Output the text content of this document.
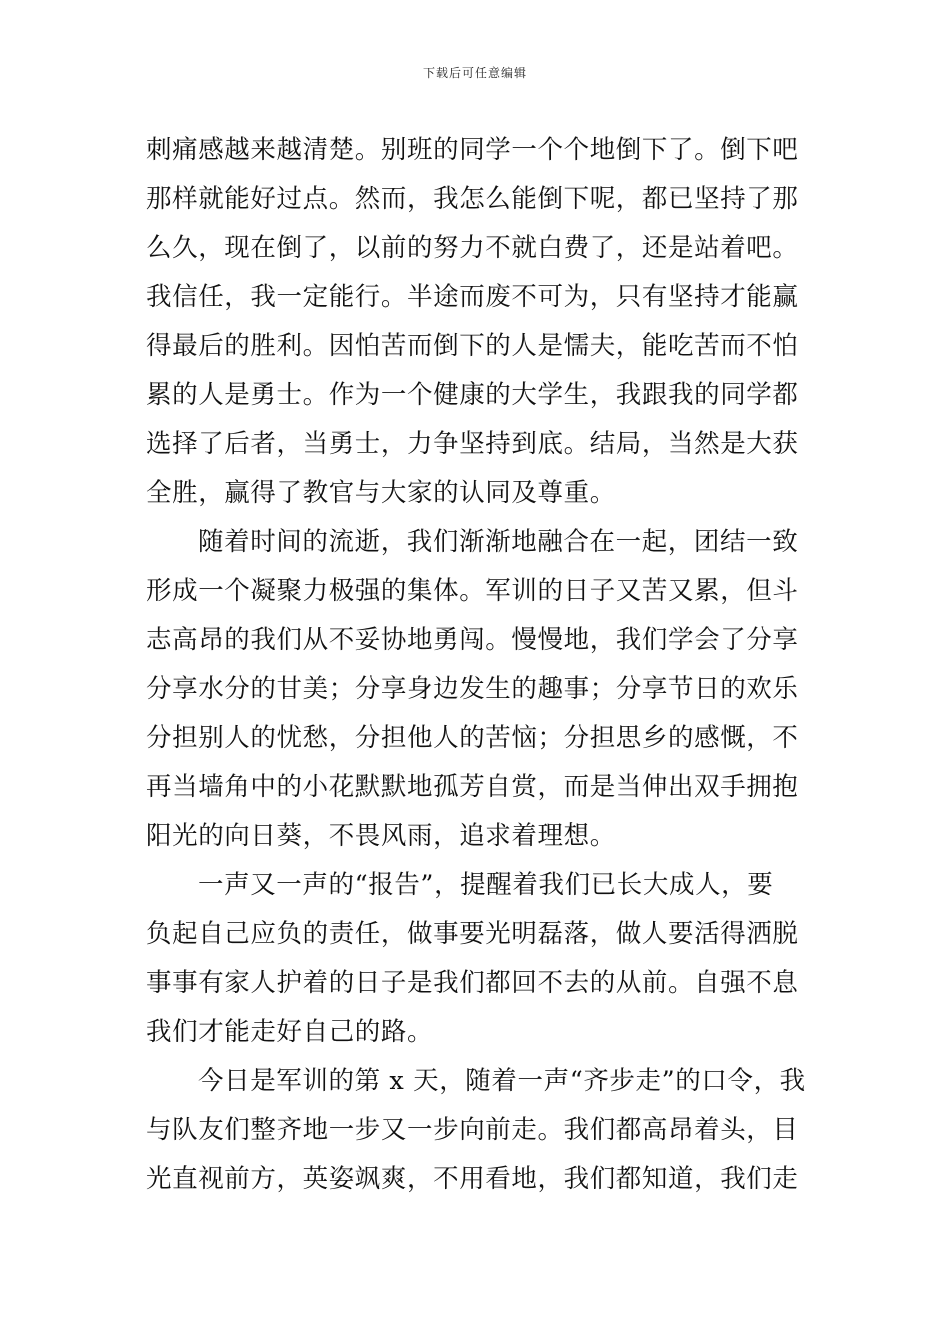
下载后可任意编辑
刺痛感越来越清楚。别班的同学一个个地倒下了。倒下吧
那样就能好过点。然而，我怎么能倒下呢，都已坚持了那
么久，现在倒了，以前的努力不就白费了，还是站着吧。
我信任，我一定能行。半途而废不可为，只有坚持才能赢
得最后的胜利。因怕苦而倒下的人是懦夫，能吃苦而不怕
累的人是勇士。作为一个健康的大学生，我跟我的同学都
选择了后者，当勇士，力争坚持到底。结局，当然是大获
全胜，赢得了教官与大家的认同及尊重。
随着时间的流逝，我们渐渐地融合在一起，团结一致
形成一个凝聚力极强的集体。军训的日子又苦又累，但斗
志高昂的我们从不妥协地勇闯。慢慢地，我们学会了分享
分享水分的甘美；分享身边发生的趣事；分享节日的欢乐
分担别人的忧愁，分担他人的苦恼；分担思乡的感慨，不
再当墙角中的小花默默地孤芳自赏，而是当伸出双手拥抱
阳光的向日葵，不畏风雨，追求着理想。
一声又一声的“报告”，提醒着我们已长大成人，要
负起自己应负的责任，做事要光明磊落，做人要活得洒脱
事事有家人护着的日子是我们都回不去的从前。自强不息
我们才能走好自己的路。
今日是军训的第 x 天，随着一声“齐步走”的口令，我
与队友们整齐地一步又一步向前走。我们都高昂着头，目
光直视前方，英姿飒爽，不用看地，我们都知道，我们走
